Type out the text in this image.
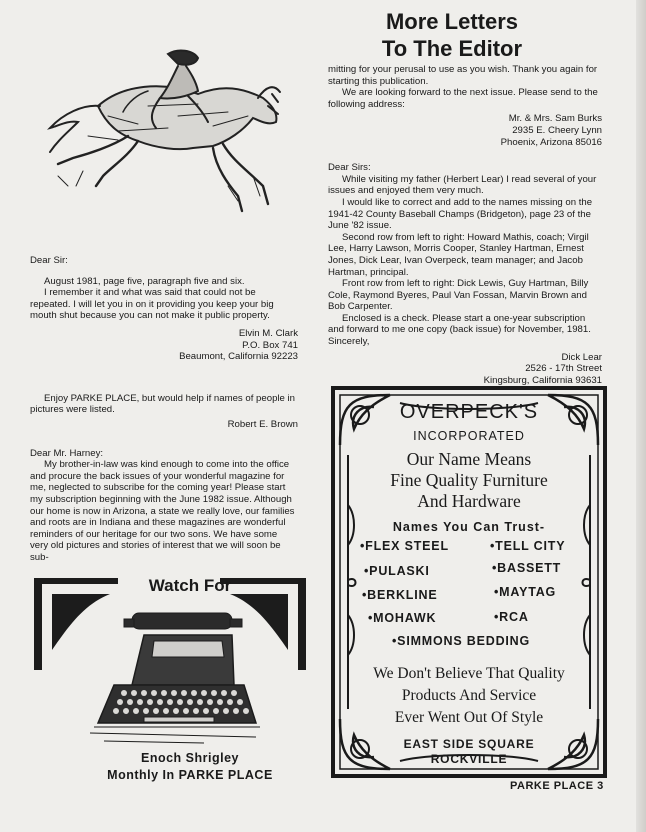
Dear Sir:

August 1981, page five, paragraph five and six.

I remember it and what was said that could not be repeated. I will let you in on it providing you keep your big mouth shut because you can not make it public property.

Elvin M. Clark

P.O. Box 741

Beaumont, California 92223

Enjoy PARKE PLACE, but would help if names of people in pictures were listed.

Robert E. Brown

Dear Mr. Harney:

My brother-in-law was kind enough to come into the office and procure the back issues of your wonderful magazine for me, neglected to subscribe for the coming year! Please start my subscription beginning with the June 1982 issue. Although our home is now in Arizona, a state we really love, our families and roots are in Indiana and these magazines are wonderful reminders of our heritage for our two sons. We have some very old pictures and stories of interest that we will soon be sub-

Watch For
Enoch Shrigley
Monthly In PARKE PLACE
More Letters
To The Editor

mitting for your perusal to use as you wish. Thank you again for starting this publication.

We are looking forward to the next issue. Please send to the following address:

Mr. & Mrs. Sam Burks

2935 E. Cheery Lynn

Phoenix, Arizona 85016

Dear Sirs:

While visiting my father (Herbert Lear) I read several of your issues and enjoyed them very much.

I would like to correct and add to the names missing on the 1941-42 County Baseball Champs (Bridgeton), page 23 of the June '82 issue.

Second row from left to right: Howard Mathis, coach; Virgil Lee, Harry Lawson, Morris Cooper, Stanley Hartman, Ernest Jones, Dick Lear, Ivan Overpeck, team manager; and Jacob Hartman, principal.

Front row from left to right: Dick Lewis, Guy Hartman, Billy Cole, Raymond Byeres, Paul Van Fossan, Marvin Brown and Bob Carpenter.

Enclosed is a check. Please start a one-year subscription and forward to me one copy (back issue) for November, 1981. Sincerely,

Dick Lear

2526 - 17th Street

Kingsburg, California 93631

OVERPECK'S
INCORPORATED
Our Name Means
Fine Quality Furniture
And Hardware
Names You Can Trust-
•FLEX STEEL	•TELL CITY
•PULASKI	•BASSETT
•BERKLINE	•MAYTAG
•MOHAWK	•RCA
•SIMMONS BEDDING
We Don't Believe That Quality
Products And Service
Ever Went Out Of Style
EAST SIDE SQUARE
ROCKVILLE
PARKE PLACE 3
